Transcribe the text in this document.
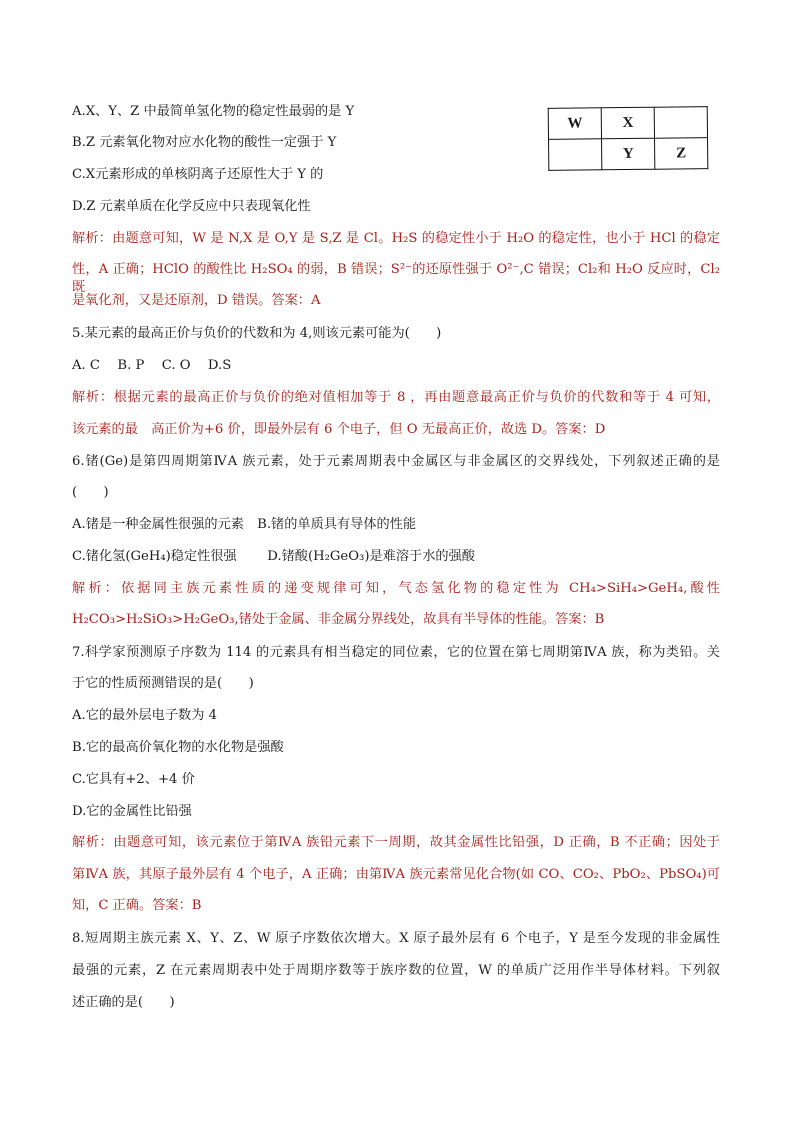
W	X	
	Y	Z
A.X、Y、Z 中最简单氢化物的稳定性最弱的是 Y
B.Z 元素氧化物对应水化物的酸性一定强于 Y
C.X元素形成的单核阴离子还原性大于 Y 的
D.Z 元素单质在化学反应中只表现氧化性
解析：由题意可知，W 是 N,X 是 O,Y 是 S,Z 是 Cl。H₂S 的稳定性小于 H₂O 的稳定性，也小于 HCl 的稳定
性，A 正确；HClO 的酸性比 H₂SO₄ 的弱，B 错误；S²⁻的还原性强于 O²⁻,C 错误；Cl₂和 H₂O 反应时，Cl₂既
是氧化剂，又是还原剂，D 错误。答案：A
5.某元素的最高正价与负价的代数和为 4,则该元素可能为(　　)
A. C　 B. P　 C. O　 D.S
解析：根据元素的最高正价与负价的绝对值相加等于 8 ，再由题意最高正价与负价的代数和等于 4 可知，
该元素的最　高正价为+6 价，即最外层有 6 个电子，但 O 无最高正价，故选 D。答案：D
6.锗(Ge)是第四周期第ⅣA 族元素，处于元素周期表中金属区与非金属区的交界线处，下列叙述正确的是
(　　)
A.锗是一种金属性很强的元素　B.锗的单质具有导体的性能
C.锗化氢(GeH₄)稳定性很强　　 D.锗酸(H₂GeO₃)是难溶于水的强酸
解析：依据同主族元素性质的递变规律可知，气态氢化物的稳定性为 CH₄>SiH₄>GeH₄,酸性
H₂CO₃>H₂SiO₃>H₂GeO₃,锗处于金属、非金属分界线处，故具有半导体的性能。答案：B
7.科学家预测原子序数为 114 的元素具有相当稳定的同位素，它的位置在第七周期第ⅣA 族，称为类铅。关
于它的性质预测错误的是(　　)
A.它的最外层电子数为 4
B.它的最高价氧化物的水化物是强酸
C.它具有+2、+4 价
D.它的金属性比铅强
解析：由题意可知，该元素位于第ⅣA 族铅元素下一周期，故其金属性比铅强，D 正确，B 不正确；因处于
第ⅣA 族，其原子最外层有 4 个电子，A 正确；由第ⅣA 族元素常见化合物(如 CO、CO₂、PbO₂、PbSO₄)可
知，C 正确。答案：B
8.短周期主族元素 X、Y、Z、W 原子序数依次增大。X 原子最外层有 6 个电子，Y 是至今发现的非金属性
最强的元素，Z 在元素周期表中处于周期序数等于族序数的位置，W 的单质广泛用作半导体材料。下列叙
述正确的是(　　)
